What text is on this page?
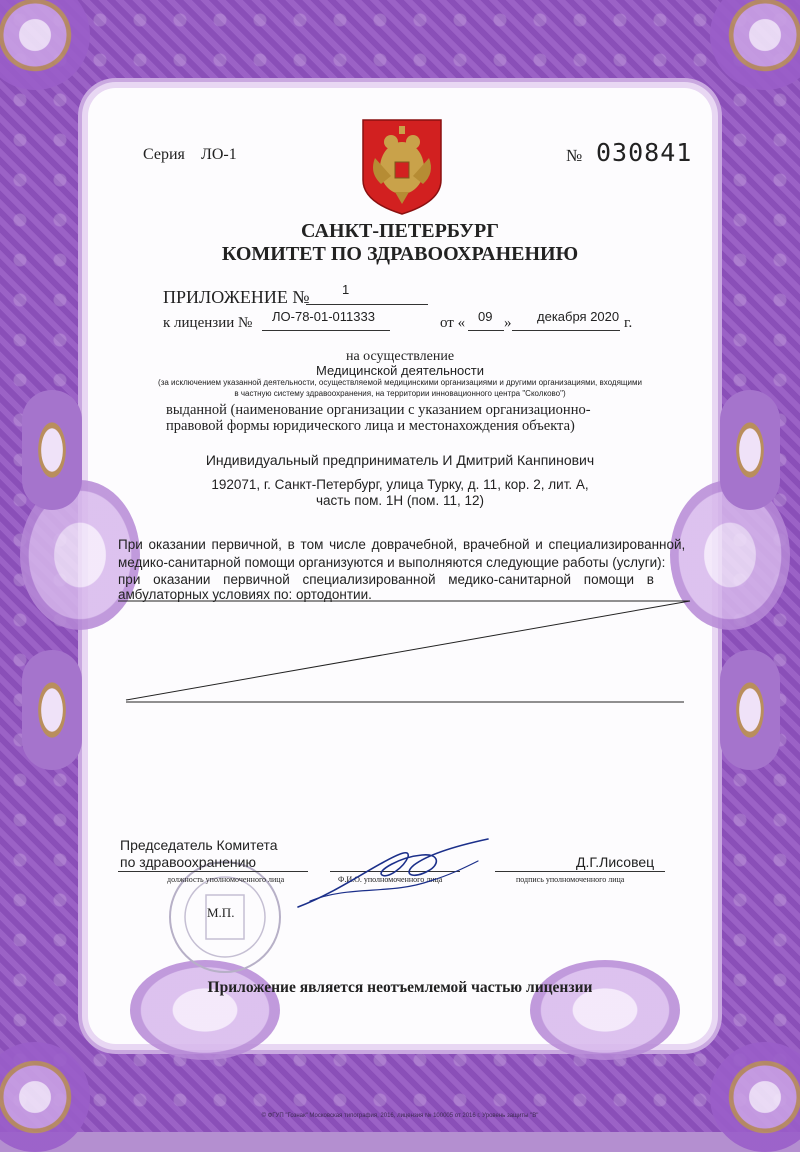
Серия ЛО-1	№ 030841
САНКТ-ПЕТЕРБУРГ
КОМИТЕТ ПО ЗДРАВООХРАНЕНИЮ
ПРИЛОЖЕНИЕ № 1
к лицензии № ЛО-78-01-011333	от « 09 » декабря 2020 г.
на осуществление
Медицинской деятельности
(за исключением указанной деятельности, осуществляемой медицинскими организациями и другими организациями, входящими
в частную систему здравоохранения, на территории инновационного центра "Сколково")
выданной (наименование организации с указанием организационно-
правовой формы юридического лица и местонахождения объекта)
Индивидуальный предприниматель И Дмитрий Канпинович
192071, г. Санкт-Петербург, улица Турку, д. 11, кор. 2, лит. А,
часть пом. 1Н (пом. 11, 12)
При оказании первичной, в том числе доврачебной, врачебной и специализированной,
медико-санитарной помощи организуются и выполняются следующие работы (услуги):
при оказании первичной специализированной медико-санитарной помощи в
амбулаторных условиях по: ортодонтии.
Председатель Комитета
по здравоохранению	Д.Г.Лисовец
должность уполномоченного лица	Ф.И.О. уполномоченного лица	подпись уполномоченного лица
М.П.
Приложение является неотъемлемой частью лицензии
© ФГУП "Гознак" Московская типография, 2016, лицензия № 100005 от 2016 г. Уровень защиты "В"
